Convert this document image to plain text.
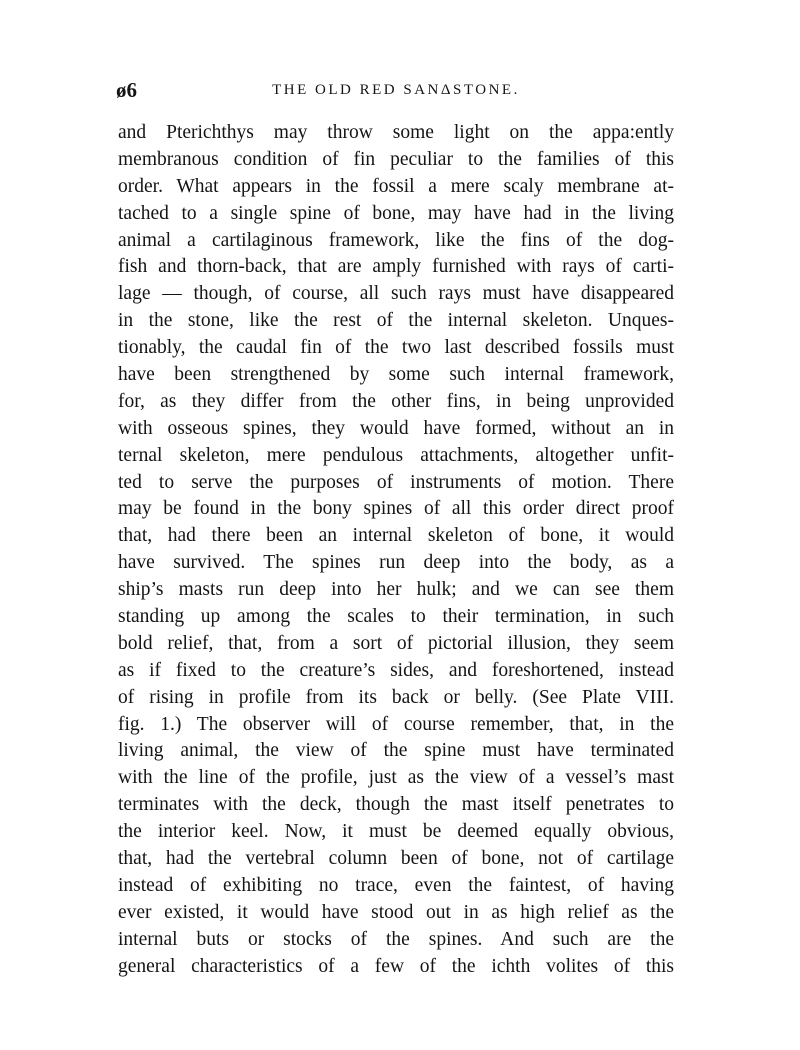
ø6	THE OLD RED SAΝΔSTONE.
and Pterichthys may throw some light on the appa:ently
membranous condition of fin peculiar to the families of this
order. What appears in the fossil a mere scaly membrane at-
tached to a single spine of bone, may have had in the living
animal a cartilaginous framework, like the fins of thе dog-
fish and thorn-back, that are amply furnished with rays of carti-
lage — though, of course, all such rays must have disappeared
in the stone, like the rest of the internal skeleton. Unques-
tionably, the caudal fin of the two last described fossils must
have been strengthened by some such internal framework,
for, as they differ from the other fins, in being unprovided
with osseous spines, they would have formed, without an in
ternal skeleton, mere pendulous attachments, altogether unfit-
ted to serve the purposes of instruments of motion. There
may be found in the bony spines of all this order direct proof
that, had there been an internal skeleton of bone, it would
have survived. The spines run deep into the body, as a
ship’s masts run deep into her hulk; and we can see them
standing up among the scales to their termination, in such
bold relief, that, from a sort of pictorial illusion, they seem
as if fixed to the creature’s sides, and foreshortened, instead
of rising in profile from its back or belly. (See Plate VIII.
fig. 1.) The observer will of course remember, that, in the
living animal, the view of the spine must have terminated
with the line of the profile, just as the view of a vessel’s mast
terminates with the deck, though the mast itself penetrates to
the interior keel. Now, it must be deemed equally obvious,
that, had the vertebral column been of bone, not of cartilage
instead of exhibiting no trace, even the faintest, of having
ever existed, it would have stood out in as high relief as the
internal buts or stocks of the spines. And such are the
general characteristics of a few of the ichth volites of this
